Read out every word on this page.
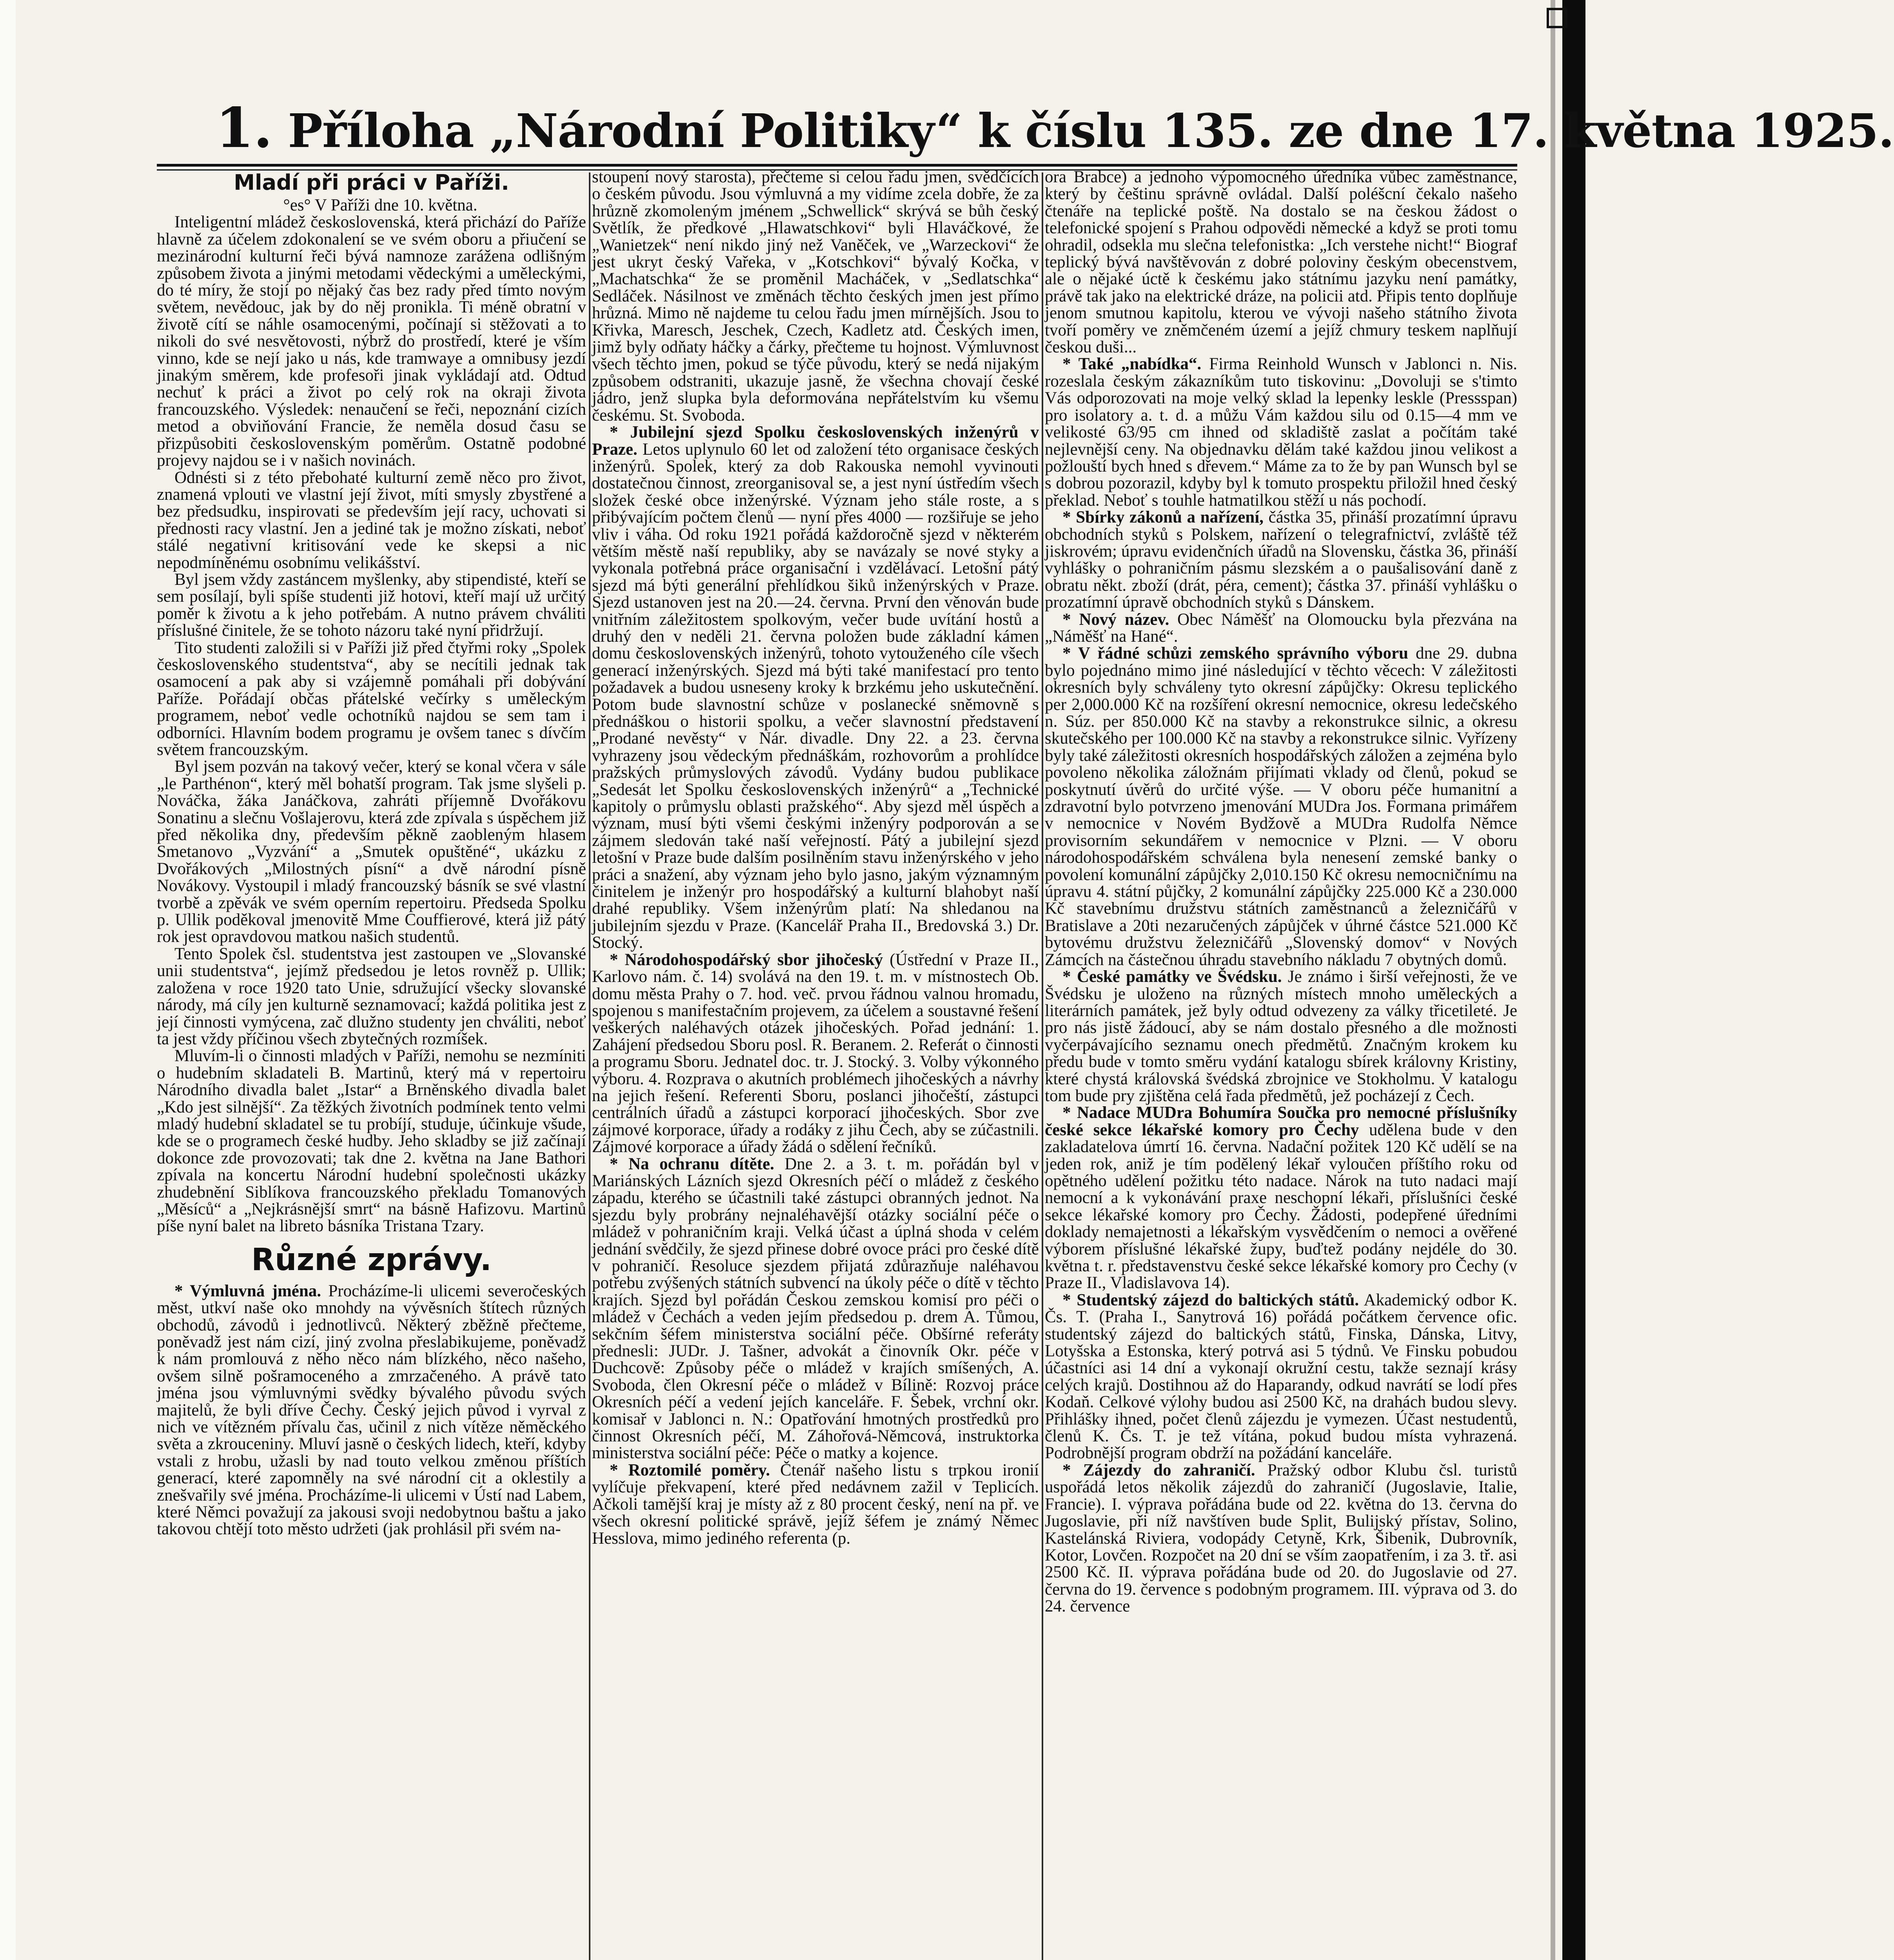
1. Příloha „Národní Politiky“ k číslu 135. ze dne 17. května 1925.
Mladí při práci v Paříži.

°es° V Paříži dne 10. května.

Inteligentní mládež československá, která přichází do Paříže hlavně za účelem zdokonalení se ve svém oboru a přiučení se mezinárodní kulturní řeči bývá namnoze zarážena odlišným způsobem života a jinými metodami vědeckými a uměleckými, do té míry, že stojí po nějaký čas bez rady před tímto novým světem, nevědouc, jak by do něj pronikla. Ti méně obratní v životě cítí se náhle osamocenými, počínají si stěžovati a to nikoli do své nesvětovosti, nýbrž do prostředí, které je vším vinno, kde se nejí jako u nás, kde tramwaye a omnibusy jezdí jinakým směrem, kde profesoři jinak vykládají atd. Odtud nechuť k práci a život po celý rok na okraji života francouzského. Výsledek: nenaučení se řeči, nepoznání cizích metod a obviňování Francie, že neměla dosud času se přizpůsobiti československým poměrům. Ostatně podobné projevy najdou se i v našich novinách.

Odnésti si z této přebohaté kulturní země něco pro život, znamená vplouti ve vlastní její život, míti smysly zbystřené a bez předsudku, inspirovati se především její racy, uchovati si přednosti racy vlastní. Jen a jediné tak je možno získati, neboť stálé negativní kritisování vede ke skepsi a nic nepodmíněnému osobnímu velikášství.

Byl jsem vždy zastáncem myšlenky, aby stipendisté, kteří se sem posílají, byli spíše studenti již hotovi, kteří mají už určitý poměr k životu a k jeho potřebám. A nutno právem chváliti příslušné činitele, že se tohoto názoru také nyní přidržují.

Tito studenti založili si v Paříži již před čtyřmi roky „Spolek československého studentstva“, aby se necítili jednak tak osamocení a pak aby si vzájemně pomáhali při dobývání Paříže. Pořádají občas přátelské večírky s uměleckým programem, neboť vedle ochotníků najdou se sem tam i odborníci. Hlavním bodem programu je ovšem tanec s dívčím světem francouzským.

Byl jsem pozván na takový večer, který se konal včera v sále „le Parthénon“, který měl bohatší program. Tak jsme slyšeli p. Nováčka, žáka Janáčkova, zahráti příjemně Dvořákovu Sonatinu a slečnu Vošlajerovu, která zde zpívala s úspěchem již před několika dny, především pěkně zaobleným hlasem Smetanovo „Vyzvání“ a „Smutek opuštěné“, ukázku z Dvořákových „Milostných písní“ a dvě národní písně Novákovy. Vystoupil i mladý francouzský básník se své vlastní tvorbě a zpěvák ve svém operním repertoiru. Předseda Spolku p. Ullik poděkoval jmenovitě Mme Couffierové, která již pátý rok jest opravdovou matkou našich studentů.

Tento Spolek čsl. studentstva jest zastoupen ve „Slovanské unii studentstva“, jejímž předsedou je letos rovněž p. Ullik; založena v roce 1920 tato Unie, sdružující všecky slovanské národy, má cíly jen kulturně seznamovací; každá politika jest z její činnosti vymýcena, zač dlužno studenty jen chváliti, neboť ta jest vždy příčinou všech zbytečných rozmíšek.

Mluvím-li o činnosti mladých v Paříži, nemohu se nezmíniti o hudebním skladateli B. Martinů, který má v repertoiru Národního divadla balet „Istar“ a Brněnského divadla balet „Kdo jest silnější“. Za těžkých životních podmínek tento velmi mladý hudební skladatel se tu probíjí, studuje, účinkuje všude, kde se o programech české hudby. Jeho skladby se již začínají dokonce zde provozovati; tak dne 2. května na Jane Bathori zpívala na koncertu Národní hudební společnosti ukázky zhudebnění Siblíkova francouzského překladu Tomanových „Měsíců“ a „Nejkrásnější smrt“ na básně Hafizovu. Martinů píše nyní balet na libreto básníka Tristana Tzary.

Různé zprávy.

* Výmluvná jména. Procházíme-li ulicemi severočeských měst, utkví naše oko mnohdy na vývěsních štítech různých obchodů, závodů i jednotlivců. Některý zběžně přečteme, poněvadž jest nám cizí, jiný zvolna přeslabikujeme, poněvadž k nám promlouvá z něho něco nám blízkého, něco našeho, ovšem silně pošramoceného a zmrzačeného. A právě tato jména jsou výmluvnými svědky bývalého původu svých majitelů, že byli dříve Čechy. Český jejich původ i vyrval z nich ve vítězném přívalu čas, učinil z nich vítěze něměckého světa a zkrouceniny. Mluví jasně o českých lidech, kteří, kdyby vstali z hrobu, užasli by nad touto velkou změnou příštích generací, které zapomněly na své národní cit a oklestily a znešvařily své jména. Procházíme-li ulicemi v Ústí nad Labem, které Němci považují za jakousi svoji nedobytnou baštu a jako takovou chtějí toto město udržeti (jak prohlásil při svém na-

stoupení nový starosta), přečteme si celou řadu jmen, svědčících o českém původu. Jsou výmluvná a my vidíme zcela dobře, že za hrůzně zkomoleným jménem „Schwellick“ skrývá se bůh český Světlík, že předkové „Hlawatschkovi“ byli Hlaváčkové, že „Wanietzek“ není nikdo jiný než Vaněček, ve „Warzeckovi“ že jest ukryt český Vařeka, v „Kotschkovi“ bývalý Kočka, v „Machatschka“ že se proměnil Macháček, v „Sedlatschka“ Sedláček. Násilnost ve změnách těchto českých jmen jest přímo hrůzná. Mimo ně najdeme tu celou řadu jmen mírnějších. Jsou to Křivka, Maresch, Jeschek, Czech, Kadletz atd. Českých imen, jimž byly odňaty háčky a čárky, přečteme tu hojnost. Výmluvnost všech těchto jmen, pokud se týče původu, který se nedá nijakým způsobem odstraniti, ukazuje jasně, že všechna chovají české jádro, jenž slupka byla deformována nepřátelstvím ku všemu českému. St. Svoboda.

* Jubilejní sjezd Spolku československých inženýrů v Praze. Letos uplynulo 60 let od založení této organisace českých inženýrů. Spolek, který za dob Rakouska nemohl vyvinouti dostatečnou činnost, zreorganisoval se, a jest nyní ústředím všech složek české obce inženýrské. Význam jeho stále roste, a s přibývajícím počtem členů — nyní přes 4000 — rozšiřuje se jeho vliv i váha. Od roku 1921 pořádá každoročně sjezd v některém větším městě naší republiky, aby se navázaly se nové styky a vykonala potřebná práce organisační i vzdělávací. Letošní pátý sjezd má býti generální přehlídkou šiků inženýrských v Praze. Sjezd ustanoven jest na 20.—24. června. První den věnován bude vnitřním záležitostem spolkovým, večer bude uvítání hostů a druhý den v neděli 21. června položen bude základní kámen domu československých inženýrů, tohoto vytouženého cíle všech generací inženýrských. Sjezd má býti také manifestací pro tento požadavek a budou usneseny kroky k brzkému jeho uskutečnění. Potom bude slavnostní schůze v poslanecké sněmovně s přednáškou o historii spolku, a večer slavnostní představení „Prodané nevěsty“ v Nár. divadle. Dny 22. a 23. června vyhrazeny jsou vědeckým přednáškám, rozhovorům a prohlídce pražských průmyslových závodů. Vydány budou publikace „Sedesát let Spolku československých inženýrů“ a „Technické kapitoly o průmyslu oblasti pražského“. Aby sjezd měl úspěch a význam, musí býti všemi českými inženýry podporován a se zájmem sledován také naší veřejností. Pátý a jubilejní sjezd letošní v Praze bude dalším posilněním stavu inženýrského v jeho práci a snažení, aby význam jeho bylo jasno, jakým významným činitelem je inženýr pro hospodářský a kulturní blahobyt naší drahé republiky. Všem inženýrům platí: Na shledanou na jubilejním sjezdu v Praze. (Kancelář Praha II., Bredovská 3.) Dr. Stocký.

* Národohospodářský sbor jihočeský (Ústřední v Praze II., Karlovo nám. č. 14) svolává na den 19. t. m. v místnostech Ob. domu města Prahy o 7. hod. več. prvou řádnou valnou hromadu, spojenou s manifestačním projevem, za účelem a soustavné řešení veškerých naléhavých otázek jihočeských. Pořad jednání: 1. Zahájení předsedou Sboru posl. R. Beranem. 2. Referát o činnosti a programu Sboru. Jednatel doc. tr. J. Stocký. 3. Volby výkonného výboru. 4. Rozprava o akutních problémech jihočeských a návrhy na jejich řešení. Referenti Sboru, poslanci jihočeští, zástupci centrálních úřadů a zástupci korporací jihočeských. Sbor zve zájmové korporace, úřady a rodáky z jihu Čech, aby se zúčastnili. Zájmové korporace a úřady žádá o sdělení řečníků.

* Na ochranu dítěte. Dne 2. a 3. t. m. pořádán byl v Mariánských Lázních sjezd Okresních péčí o mládež z českého západu, kterého se účastnili také zástupci obranných jednot. Na sjezdu byly probrány nejnaléhavější otázky sociální péče o mládež v pohraničním kraji. Velká účast a úplná shoda v celém jednání svědčily, že sjezd přinese dobré ovoce práci pro české dítě v pohraničí. Resoluce sjezdem přijatá zdůrazňuje naléhavou potřebu zvýšených státních subvencí na úkoly péče o dítě v těchto krajích. Sjezd byl pořádán Českou zemskou komisí pro péči o mládež v Čechách a veden jejím předsedou p. drem A. Tůmou, sekčním šéfem ministerstva sociální péče. Obšírné referáty přednesli: JUDr. J. Tašner, advokát a činovník Okr. péče v Duchcově: Způsoby péče o mládež v krajích smíšených, A. Svoboda, člen Okresní péče o mládež v Bílině: Rozvoj práce Okresních péčí a vedení jejích kanceláře. F. Šebek, vrchní okr. komisař v Jablonci n. N.: Opatřování hmotných prostředků pro činnost Okresních péčí, M. Záhořová-Němcová, instruktorka ministerstva sociální péče: Péče o matky a kojence.

* Roztomilé poměry. Čtenář našeho listu s trpkou ironií vylíčuje překvapení, které před nedávnem zažil v Teplicích. Ačkoli tamější kraj je místy až z 80 procent český, není na př. ve všech okresní politické správě, jejíž šéfem je známý Němec Hesslova, mimo jediného referenta (p.

ora Brabce) a jednoho výpomocného úředníka vůbec zaměstnance, který by češtinu správně ovládal. Další poléšcní čekalo našeho čtenáře na teplické poště. Na dostalo se na českou žádost o telefonické spojení s Prahou odpovědi německé a když se proti tomu ohradil, odsekla mu slečna telefonistka: „Ich verstehe nicht!“ Biograf teplický bývá navštěvován z dobré poloviny českým obecenstvem, ale o nějaké úctě k českému jako státnímu jazyku není památky, právě tak jako na elektrické dráze, na policii atd. Připis tento doplňuje jenom smutnou kapitolu, kterou ve vývoji našeho státního života tvoří poměry ve zněmčeném území a jejíž chmury teskem naplňují českou duši...

* Také „nabídka“. Firma Reinhold Wunsch v Jablonci n. Nis. rozeslala českým zákazníkům tuto tiskovinu: „Dovoluji se s'timto Vás odporozovati na moje velký sklad la lepenky leskle (Pressspan) pro isolatory a. t. d. a můžu Vám každou silu od 0.15—4 mm ve velikosté 63/95 cm ihned od skladiště zaslat a počítám také nejlevnější ceny. Na objednavku dělám také každou jinou velikost a požlouští bych hned s dřevem.“ Máme za to že by pan Wunsch byl se s dobrou pozorazil, kdyby byl k tomuto prospektu přiložil hned český překlad. Neboť s touhle hatmatilkou stěží u nás pochodí.

* Sbírky zákonů a nařízení, částka 35, přináší prozatímní úpravu obchodních styků s Polskem, nařízení o telegrafnictví, zvláště též jiskrovém; úpravu evidenčních úřadů na Slovensku, částka 36, přináší vyhlášky o pohraničním pásmu slezském a o paušalisování daně z obratu někt. zboží (drát, péra, cement); částka 37. přináší vyhlášku o prozatímní úpravě obchodních styků s Dánskem.

* Nový název. Obec Náměšť na Olomoucku byla přezvána na „Náměšť na Hané“.

* V řádné schůzi zemského správního výboru dne 29. dubna bylo pojednáno mimo jiné následující v těchto věcech: V záležitosti okresních byly schváleny tyto okresní zápůjčky: Okresu teplického per 2,000.000 Kč na rozšíření okresní nemocnice, okresu ledečského n. Súz. per 850.000 Kč na stavby a rekonstrukce silnic, a okresu skutečského per 100.000 Kč na stavby a rekonstrukce silnic. Vyřízeny byly také záležitosti okresních hospodářských záložen a zejména bylo povoleno několika záložnám přijímati vklady od členů, pokud se poskytnutí úvěrů do určité výše. — V oboru péče humanitní a zdravotní bylo potvrzeno jmenování MUDra Jos. Formana primářem v nemocnice v Novém Bydžově a MUDra Rudolfa Němce provisorním sekundářem v nemocnice v Plzni. — V oboru národohospodářském schválena byla nenesení zemské banky o povolení komunální zápůjčky 2,010.150 Kč okresu nemocničnímu na úpravu 4. státní půjčky, 2 komunální zápůjčky 225.000 Kč a 230.000 Kč stavebnímu družstvu státních zaměstnanců a železničářů v Bratislave a 20ti nezaručených zápůjček v úhrné částce 521.000 Kč bytovému družstvu železničářů „Slovenský domov“ v Nových Zámcích na částečnou úhradu stavebního nákladu 7 obytných domů.

* České památky ve Švédsku. Je známo i širší veřejnosti, že ve Švédsku je uloženo na různých místech mnoho uměleckých a literárních památek, jež byly odtud odvezeny za války třicetileté. Je pro nás jistě žádoucí, aby se nám dostalo přesného a dle možnosti vyčerpávajícího seznamu onech předmětů. Značným krokem ku předu bude v tomto směru vydání katalogu sbírek královny Kristiny, které chystá královská švédská zbrojnice ve Stokholmu. V katalogu tom bude pry zjištěna celá řada předmětů, jež pocházejí z Čech.

* Nadace MUDra Bohumíra Součka pro nemocné příslušníky české sekce lékařské komory pro Čechy udělena bude v den zakladatelova úmrtí 16. června. Nadační požitek 120 Kč udělí se na jeden rok, aniž je tím podělený lékař vyloučen příštího roku od opětného udělení požitku této nadace. Nárok na tuto nadaci mají nemocní a k vykonávání praxe neschopní lékaři, příslušníci české sekce lékařské komory pro Čechy. Žádosti, podepřené úředními doklady nemajetnosti a lékařským vysvědčením o nemoci a ověřené výborem příslušné lékařské župy, buďtež podány nejdéle do 30. května t. r. představenstvu české sekce lékařské komory pro Čechy (v Praze II., Vladislavova 14).

* Studentský zájezd do baltických států. Akademický odbor K. Čs. T. (Praha I., Sanytrová 16) pořádá počátkem července ofic. studentský zájezd do baltických států, Finska, Dánska, Litvy, Lotyšska a Estonska, který potrvá asi 5 týdnů. Ve Finsku pobudou účastníci asi 14 dní a vykonají okružní cestu, takže seznají krásy celých krajů. Dostihnou až do Haparandy, odkud navrátí se lodí přes Kodaň. Celkové výlohy budou asi 2500 Kč, na drahách budou slevy. Přihlášky ihned, počet členů zájezdu je vymezen. Účast nestudentů, členů K. Čs. T. je tež vítána, pokud budou místa vyhrazená. Podrobnější program obdrží na požádání kanceláře.

* Zájezdy do zahraničí. Pražský odbor Klubu čsl. turistů uspořádá letos několik zájezdů do zahraničí (Jugoslavie, Italie, Francie). I. výprava pořádána bude od 22. května do 13. června do Jugoslavie, při níž navštíven bude Split, Bulijský přístav, Solino, Kastelánská Riviera, vodopády Cetyně, Krk, Šibenik, Dubrovník, Kotor, Lovčen. Rozpočet na 20 dní se vším zaopatřením, i za 3. tř. asi 2500 Kč. II. výprava pořádána bude od 20. do Jugoslavie od 27. června do 19. července s podobným programem. III. výprava od 3. do 24. července
